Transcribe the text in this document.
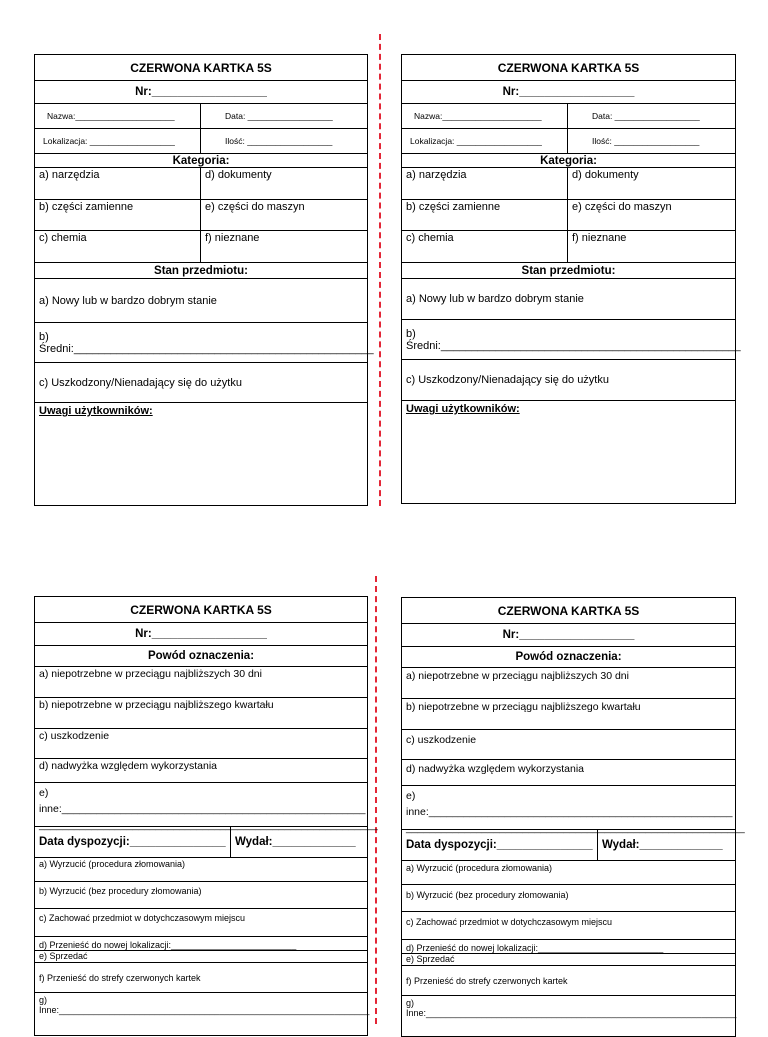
CZERWONA KARTKA 5S
Nr:__________________
Nazwa:_____________________	Data: __________________
Lokalizacja: __________________	Ilość: __________________
Kategoria:
a) narzędzia	d) dokumenty
b) części zamienne	e) części do maszyn
c) chemia	f) nieznane
Stan przedmiotu:
a) Nowy lub w bardzo dobrym stanie
b) Średni:_________________________________________________
c) Uszkodzony/Nienadający się do użytku
Uwagi użytkowników:
CZERWONA KARTKA 5S
Nr:__________________
Nazwa:_____________________	Data: __________________
Lokalizacja: __________________	Ilość: __________________
Kategoria:
a) narzędzia	d) dokumenty
b) części zamienne	e) części do maszyn
c) chemia	f) nieznane
Stan przedmiotu:
a) Nowy lub w bardzo dobrym stanie
b) Średni:_________________________________________________
c) Uszkodzony/Nienadający się do użytku
Uwagi użytkowników:
CZERWONA KARTKA 5S
Nr:__________________
Powód oznaczenia:
a) niepotrzebne w przeciągu najbliższych 30 dni
b) niepotrzebne w przeciągu najbliższego kwartału
c) uszkodzenie
d) nadwyżka względem wykorzystania
e) inne:____________________________________________________
__________________________________________________________
Data dyspozycji:_______________ Wydał:_____________
a) Wyrzucić (procedura złomowania)
b) Wyrzucić (bez procedury złomowania)
c) Zachować przedmiot w dotychczasowym miejscu
d) Przenieść do nowej lokalizacji:_________________________
e) Sprzedać
f) Przenieść do strefy czerwonych kartek
g) Inne:______________________________________________________________
CZERWONA KARTKA 5S
Nr:__________________
Powód oznaczenia:
a) niepotrzebne w przeciągu najbliższych 30 dni
b) niepotrzebne w przeciągu najbliższego kwartału
c) uszkodzenie
d) nadwyżka względem wykorzystania
e) inne:____________________________________________________
__________________________________________________________
Data dyspozycji:_______________ Wydał:_____________
a) Wyrzucić (procedura złomowania)
b) Wyrzucić (bez procedury złomowania)
c) Zachować przedmiot w dotychczasowym miejscu
d) Przenieść do nowej lokalizacji:_________________________
e) Sprzedać
f) Przenieść do strefy czerwonych kartek
g) Inne:______________________________________________________________
